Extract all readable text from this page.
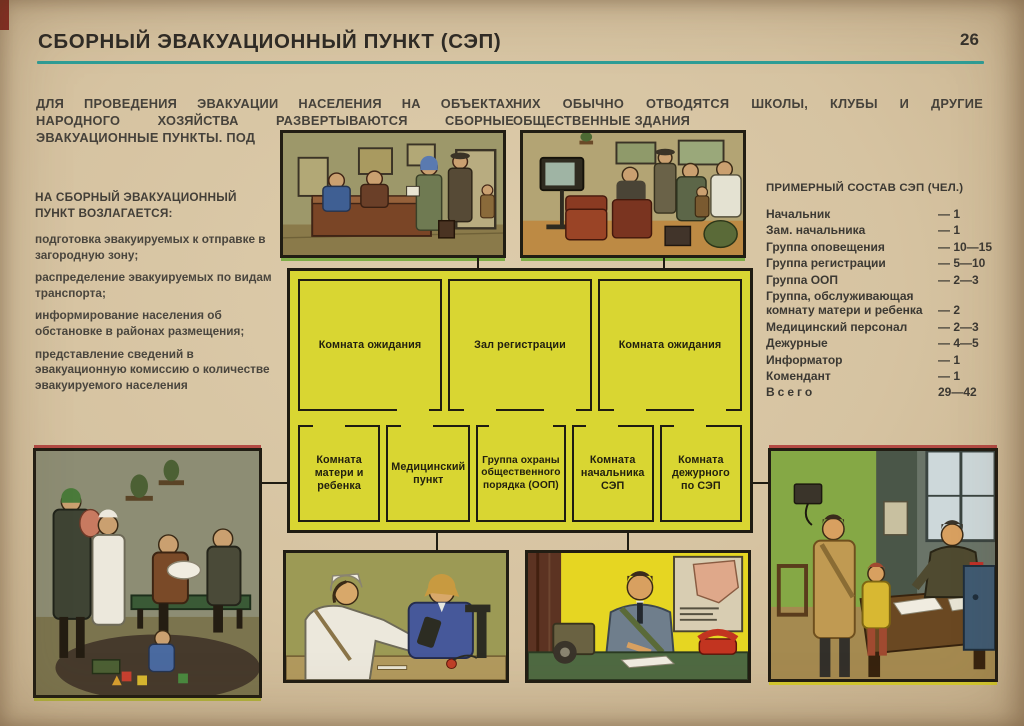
СБОРНЫЙ ЭВАКУАЦИОННЫЙ ПУНКТ (СЭП)	26

ДЛЯ ПРОВЕДЕНИЯ ЭВАКУАЦИИ НАСЕЛЕНИЯ НА ОБЪЕКТАХ НАРОДНОГО ХОЗЯЙСТВА РАЗВЕРТЫВАЮТСЯ СБОРНЫЕ ЭВАКУАЦИОННЫЕ ПУНКТЫ. ПОД

НИХ ОБЫЧНО ОТВОДЯТСЯ ШКОЛЫ, КЛУБЫ И ДРУГИЕ ОБЩЕСТВЕННЫЕ ЗДАНИЯ

НА СБОРНЫЙ ЭВАКУАЦИОННЫЙ ПУНКТ ВОЗЛАГАЕТСЯ:
подготовка эвакуируемых к отправке в загородную зону;
распределение эвакуируемых по видам транспорта;
информирование населения об обстановке в районах размещения;
представление сведений в эвакуационную комиссию о количестве эвакуируемого населения
ПРИМЕРНЫЙ СОСТАВ СЭП (ЧЕЛ.)
Начальник	— 1
Зам. начальника	— 1
Группа оповещения	— 10—15
Группа регистрации	— 5—10
Группа ООП	— 2—3
Группа, обслуживающая комнату матери и ребенка	— 2
Медицинский персонал	— 2—3
Дежурные	— 4—5
Информатор	— 1
Комендант	— 1
Всего	29—42
Комната ожидания	Зал регистрации	Комната ожидания
Комната матери и ребенка
Медицинский пункт
Группа охраны общественного порядка (ООП)
Комната начальника СЭП
Комната дежурного по СЭП
